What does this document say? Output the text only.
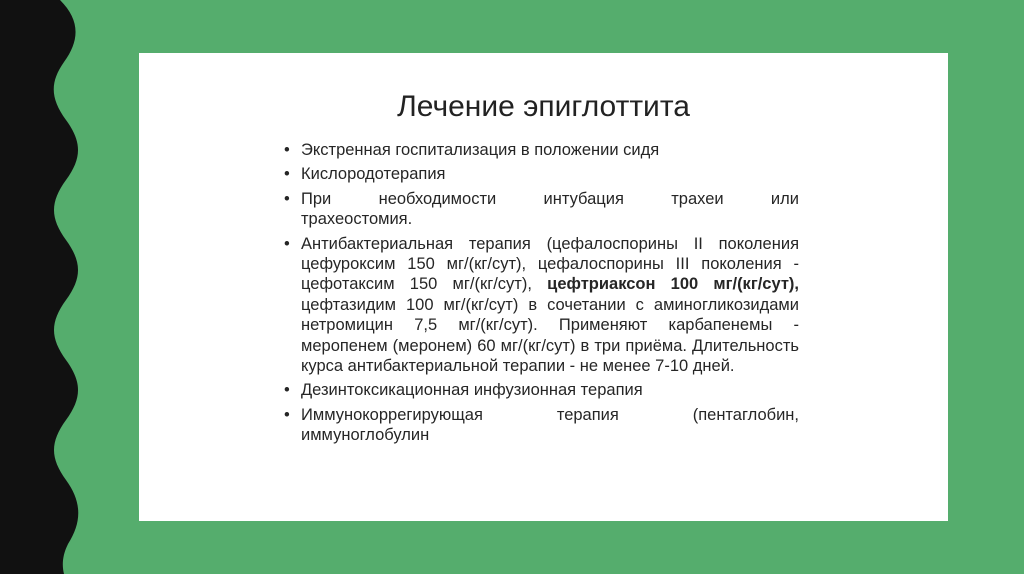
Лечение эпиглоттита
• Экстренная госпитализация в положении сидя
• Кислородотерапия
• При необходимости интубация трахеи или
трахеостомия.
• Антибактериальная терапия (цефалоспорины II поколения цефуроксим 150 мг/(кг/сут), цефалоспорины III поколения - цефотаксим 150 мг/(кг/сут), цефтриаксон 100 мг/(кг/сут), цефтазидим 100 мг/(кг/сут) в сочетании с аминогликозидами нетромицин 7,5 мг/(кг/сут). Применяют карбапенемы - меропенем (меронем) 60 мг/(кг/сут) в три приёма. Длительность курса антибактериальной терапии - не менее 7-10 дней.
• Дезинтоксикационная инфузионная терапия
• Иммунокоррегирующая терапия (пентаглобин,
иммуноглобулин
